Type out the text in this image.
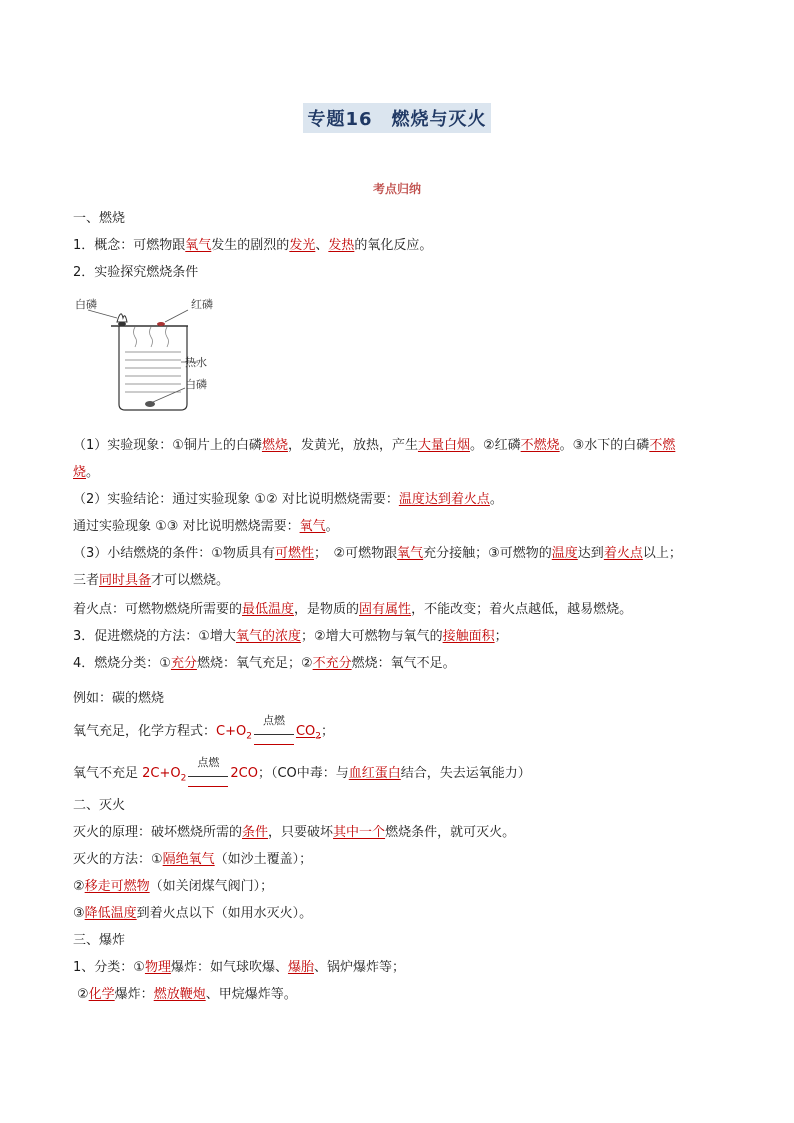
专题16　燃烧与灭火
考点归纳
一、燃烧
1．概念：可燃物跟氧气发生的剧烈的发光、发热的氧化反应。
2．实验探究燃烧条件
白磷	红磷
热水
白磷
（1）实验现象：①铜片上的白磷燃烧，发黄光，放热，产生大量白烟。②红磷不燃烧。③水下的白磷不燃
烧。
（2）实验结论：通过实验现象 ①② 对比说明燃烧需要：温度达到着火点。
通过实验现象 ①③ 对比说明燃烧需要：氧气。
（3）小结燃烧的条件：①物质具有可燃性；　②可燃物跟氧气充分接触；③可燃物的温度达到着火点以上；
三者同时具备才可以燃烧。
着火点：可燃物燃烧所需要的最低温度，是物质的固有属性，不能改变；着火点越低，越易燃烧。
3．促进燃烧的方法：①增大氧气的浓度；②增大可燃物与氧气的接触面积；
4．燃烧分类：①充分燃烧：氧气充足；②不充分燃烧：氧气不足。
例如：碳的燃烧
氧气充足，化学方程式：$C+O_2$
点燃
$CO_2$；
氧气不充足 $2C+O_2$
点燃
2CO；（CO中毒：与血红蛋白结合，失去运氧能力）
二、灭火
灭火的原理：破坏燃烧所需的条件，只要破坏其中一个燃烧条件，就可灭火。
灭火的方法：①隔绝氧气（如沙土覆盖）；
②移走可燃物（如关闭煤气阀门）；
③降低温度到着火点以下（如用水灭火）。
三、爆炸
1、分类：①物理爆炸：如气球吹爆、爆胎、锅炉爆炸等；
②化学爆炸：燃放鞭炮、甲烷爆炸等。
